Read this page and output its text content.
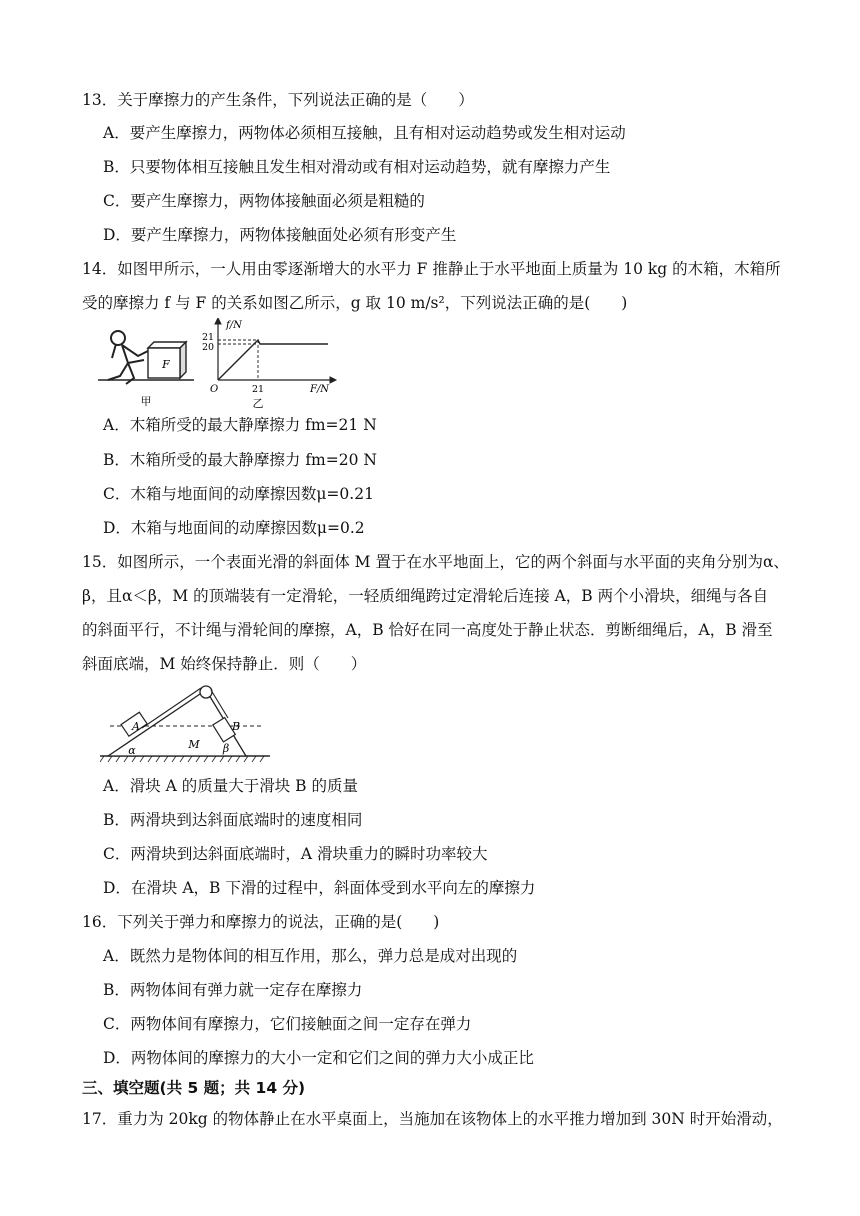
13．关于摩擦力的产生条件，下列说法正确的是（　　）
A．要产生摩擦力，两物体必须相互接触，且有相对运动趋势或发生相对运动
B．只要物体相互接触且发生相对滑动或有相对运动趋势，就有摩擦力产生
C．要产生摩擦力，两物体接触面必须是粗糙的
D．要产生摩擦力，两物体接触面处必须有形变产生
14．如图甲所示，一人用由零逐渐增大的水平力 F 推静止于水平地面上质量为 10 kg 的木箱，木箱所
受的摩擦力 f 与 F 的关系如图乙所示，g 取 10 m/s²，下列说法正确的是(　　)
F
甲
f/N
21
20
O	21	F/N
乙
A．木箱所受的最大静摩擦力 fm=21 N
B．木箱所受的最大静摩擦力 fm=20 N
C．木箱与地面间的动摩擦因数μ=0.21
D．木箱与地面间的动摩擦因数μ=0.2
15．如图所示，一个表面光滑的斜面体 M 置于在水平地面上，它的两个斜面与水平面的夹角分别为α、
β，且α＜β，M 的顶端装有一定滑轮，一轻质细绳跨过定滑轮后连接 A，B 两个小滑块，细绳与各自
的斜面平行，不计绳与滑轮间的摩擦，A，B 恰好在同一高度处于静止状态．剪断细绳后，A，B 滑至
斜面底端，M 始终保持静止．则（　　）
A	B
M
α	β
A．滑块 A 的质量大于滑块 B 的质量
B．两滑块到达斜面底端时的速度相同
C．两滑块到达斜面底端时，A 滑块重力的瞬时功率较大
D．在滑块 A，B 下滑的过程中，斜面体受到水平向左的摩擦力
16．下列关于弹力和摩擦力的说法，正确的是(　　)
A．既然力是物体间的相互作用，那么，弹力总是成对出现的
B．两物体间有弹力就一定存在摩擦力
C．两物体间有摩擦力，它们接触面之间一定存在弹力
D．两物体间的摩擦力的大小一定和它们之间的弹力大小成正比
三、填空题(共 5 题；共 14 分)
17．重力为 20kg 的物体静止在水平桌面上，当施加在该物体上的水平推力增加到 30N 时开始滑动，
